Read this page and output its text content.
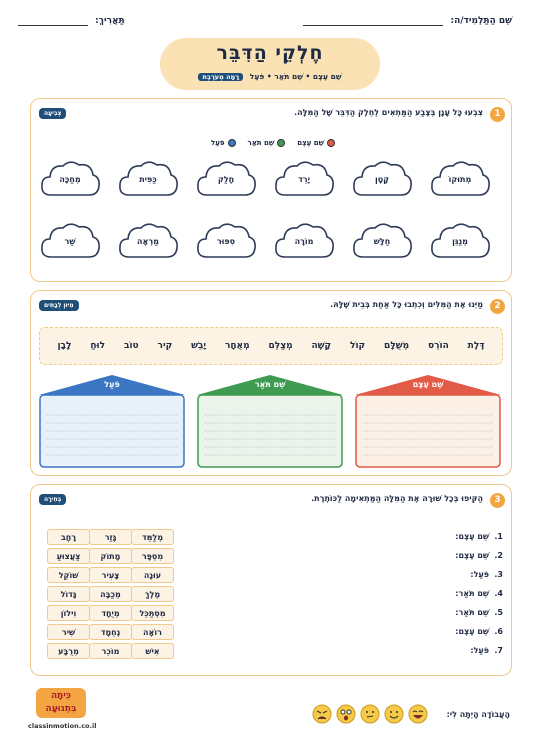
שֵׁם הַתַּלְמִיד/ה:
תַּאֲרִיךְ:
חֶלְקֵי הַדִּבֵּר
שֵׁם עֶצֶם • שֵׁם תֹּאַר • פֹּעַל רָמָה מְעֹרֶבֶת
1
צִבְעוּ כָּל עָנָן בְּצֶבַע הַמַּתְאִים לְחֵלֶק הַדִּבֵּר שֶׁל הַמִּלָּה.
צְבִיעָה
שֵׁם עֶצֶם
שֵׁם תֹּאַר
פֹּעַל
מְתוּקוֹ
קָטָן
יָרֵד
חָלַק
כַּפִּית
מְחַכָּה
מְנַגֵּן
חַלָּשׁ
מוֹרָה
סִפּוּר
מַרְאָה
שַׁר
2
מַיְּנוּ אֶת הַמִּלִּים וְכִתְבוּ כָּל אַחַת בְּבֵית שֶׁלָּהּ.
מִיּוּן לְבָתִּים
דֶּלֶת
הוֹרֵס
מְשֻׁלָּם
קוֹל
קָשֶׁה
מְצַלֵּם
מְאֻחָר
יָבֵשׁ
קִיר
טוֹב
לוּחַ
לָבָן
שֵׁם עֶצֶם
שֵׁם תֹּאַר
פֹּעַל
3
הַקִּיפוּ בְּכָל שׁוּרָה אֶת הַמִּלָּה הַמַּתְאִימָה לַכּוֹתֶרֶת.
בְּחִירָה
1.
שֵׁם עֶצֶם:
מְלַמֵּד
גָּזַר
רָחָב
2.
שֵׁם עֶצֶם:
מִסְפָּר
מָתוֹק
צַעֲצוּעַ
3.
פֹּעַל:
עוּגָה
צָעִיר
שׁוֹקֵל
4.
שֵׁם תֹּאַר:
מֶלֶךְ
מְכַבָּה
גָּדוֹל
5.
שֵׁם תֹּאַר:
מִסְתַּכֵּל
מְיֻחָד
וִילוֹן
6.
שֵׁם עֶצֶם:
רוֹאָה
נֶחְמָד
שִׁיר
7.
פֹּעַל:
אִישׁ
מוֹכֵר
מְרֻבָּע
כִּיתָה
בִּתְנוּעָה
classinmotion.co.il
הָעֲבוֹדָה הָיְתָה לִי:
